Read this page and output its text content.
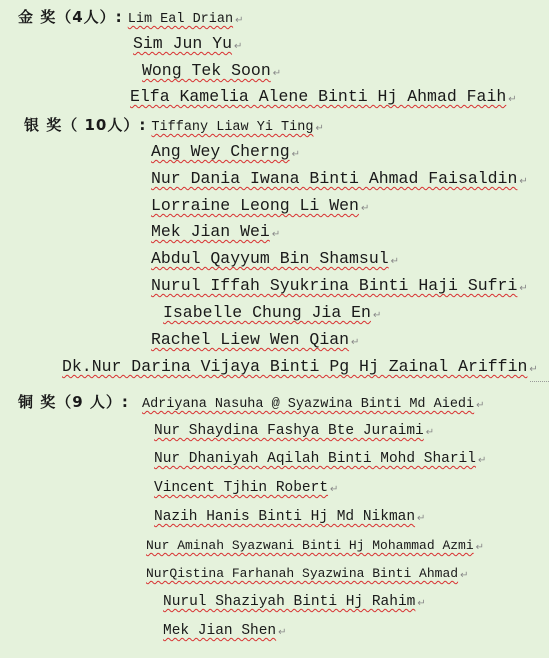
金 奖（4人）: Lim Eal Drian ↵
Sim Jun Yu ↵
Wong Tek Soon ↵
Elfa Kamelia Alene Binti Hj Ahmad Faih ↵
银 奖（ 10人）: Tiffany Liaw Yi Ting ↵
Ang Wey Cherng ↵
Nur Dania Iwana Binti Ahmad Faisaldin ↵
Lorraine Leong Li Wen ↵
Mek Jian Wei ↵
Abdul Qayyum Bin Shamsul ↵
Nurul Iffah Syukrina Binti Haji Sufri ↵
Isabelle Chung Jia En ↵
Rachel Liew Wen Qian ↵
Dk.Nur Darina Vijaya Binti Pg Hj Zainal Ariffin ↵
铜 奖（9 人）: Adriyana Nasuha @ Syazwina Binti Md Aiedi ↵
Nur Shaydina Fashya Bte Juraimi ↵
Nur Dhaniyah Aqilah Binti Mohd Sharil ↵
Vincent Tjhin Robert ↵
Nazih Hanis Binti Hj Md Nikman ↵
Nur Aminah Syazwani Binti Hj Mohammad Azmi ↵
NurQistina Farhanah Syazwina Binti Ahmad ↵
Nurul Shaziyah Binti Hj Rahim ↵
Mek Jian Shen ↵
